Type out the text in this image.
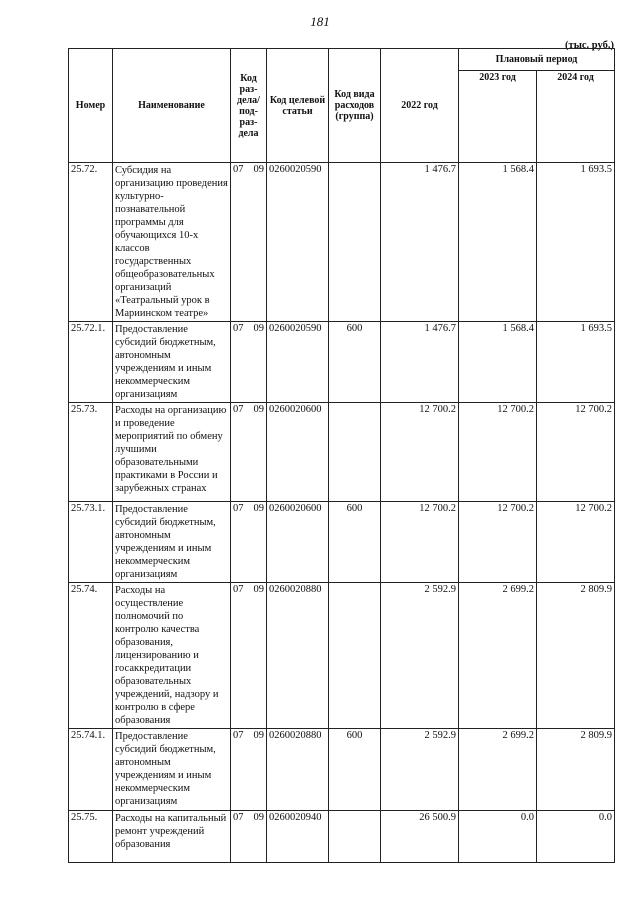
181
(тыс. руб.)
Номер	Наименование	Код раз-дела/ под-раз-дела	Код целевой статьи	Код вида расходов (группа)	2022 год	Плановый период	
						2023 год	2024 год
25.72.	Субсидия на организацию проведения культурно-познавательной программы для обучающихся 10-х классов государственных общеобразовательных организаций «Театральный урок в Мариинском театре»	07 09	0260020590		1 476.7	1 568.4	1 693.5
25.72.1.	Предоставление субсидий бюджетным, автономным учреждениям и иным некоммерческим организациям	07 09	0260020590	600	1 476.7	1 568.4	1 693.5
25.73.	Расходы на организацию и проведение мероприятий по обмену лучшими образовательными практиками в России и зарубежных странах	07 09	0260020600		12 700.2	12 700.2	12 700.2
25.73.1.	Предоставление субсидий бюджетным, автономным учреждениям и иным некоммерческим организациям	07 09	0260020600	600	12 700.2	12 700.2	12 700.2
25.74.	Расходы на осуществление полномочий по контролю качества образования, лицензированию и госаккредитации образовательных учреждений, надзору и контролю в сфере образования	07 09	0260020880		2 592.9	2 699.2	2 809.9
25.74.1.	Предоставление субсидий бюджетным, автономным учреждениям и иным некоммерческим организациям	07 09	0260020880	600	2 592.9	2 699.2	2 809.9
25.75.	Расходы на капитальный ремонт учреждений образования	07 09	0260020940		26 500.9	0.0	0.0
